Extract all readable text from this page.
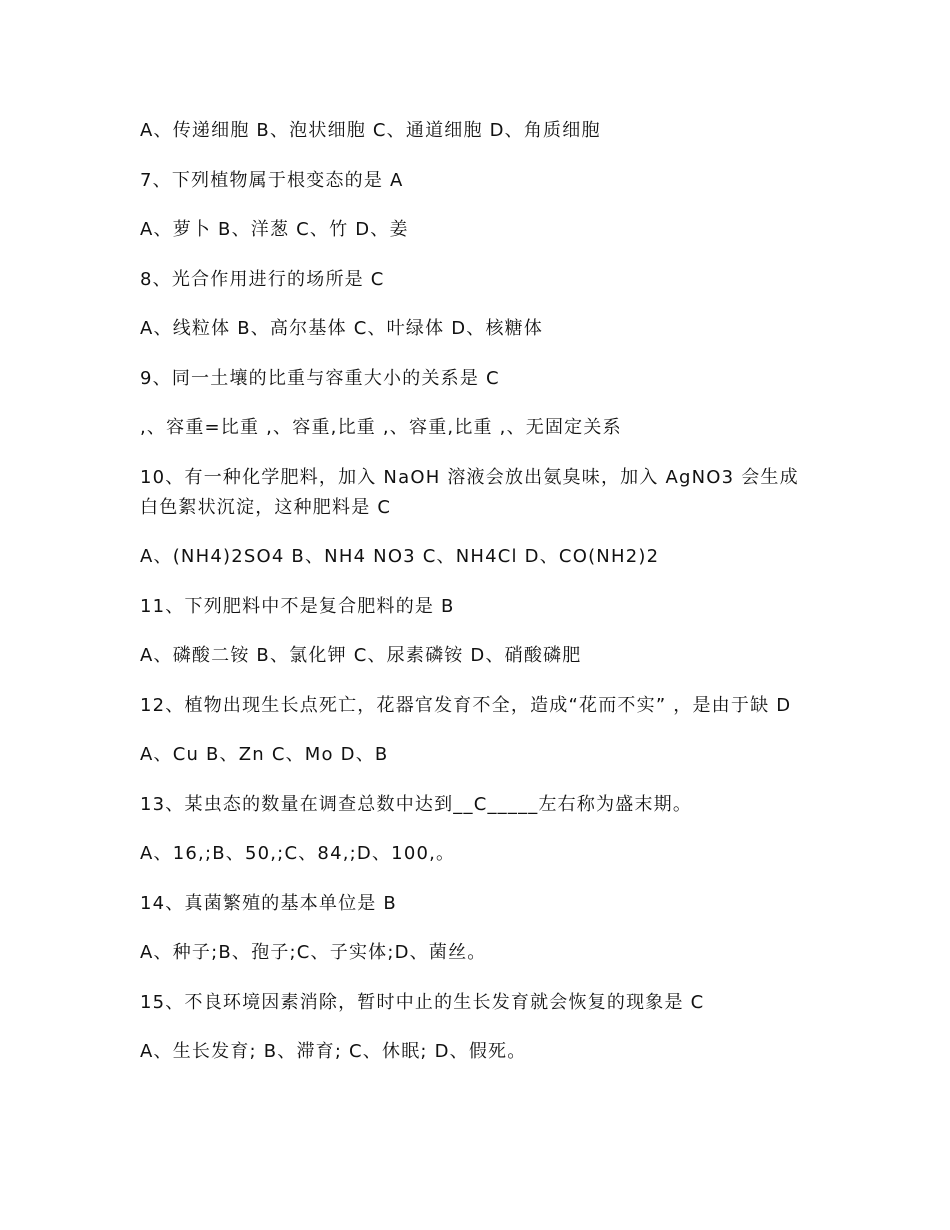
A、传递细胞 B、泡状细胞 C、通道细胞 D、角质细胞

7、下列植物属于根变态的是 A

A、萝卜 B、洋葱 C、竹 D、姜

8、光合作用进行的场所是 C

A、线粒体 B、高尔基体 C、叶绿体 D、核糖体

9、同一土壤的比重与容重大小的关系是 C

,、容重=比重 ,、容重,比重 ,、容重,比重 ,、无固定关系

10、有一种化学肥料，加入 NaOH 溶液会放出氨臭味，加入 AgNO3 会生成白色絮状沉淀，这种肥料是 C

A、(NH4)2SO4 B、NH4 NO3 C、NH4Cl D、CO(NH2)2

11、下列肥料中不是复合肥料的是 B

A、磷酸二铵 B、氯化钾 C、尿素磷铵 D、硝酸磷肥

12、植物出现生长点死亡，花器官发育不全，造成“花而不实” ，是由于缺 D

A、Cu B、Zn C、Mo D、B

13、某虫态的数量在调查总数中达到__C_____左右称为盛末期。

A、16,;B、50,;C、84,;D、100,。

14、真菌繁殖的基本单位是 B

A、种子;B、孢子;C、子实体;D、菌丝。

15、不良环境因素消除，暂时中止的生长发育就会恢复的现象是 C

A、生长发育; B、滞育; C、休眠; D、假死。
